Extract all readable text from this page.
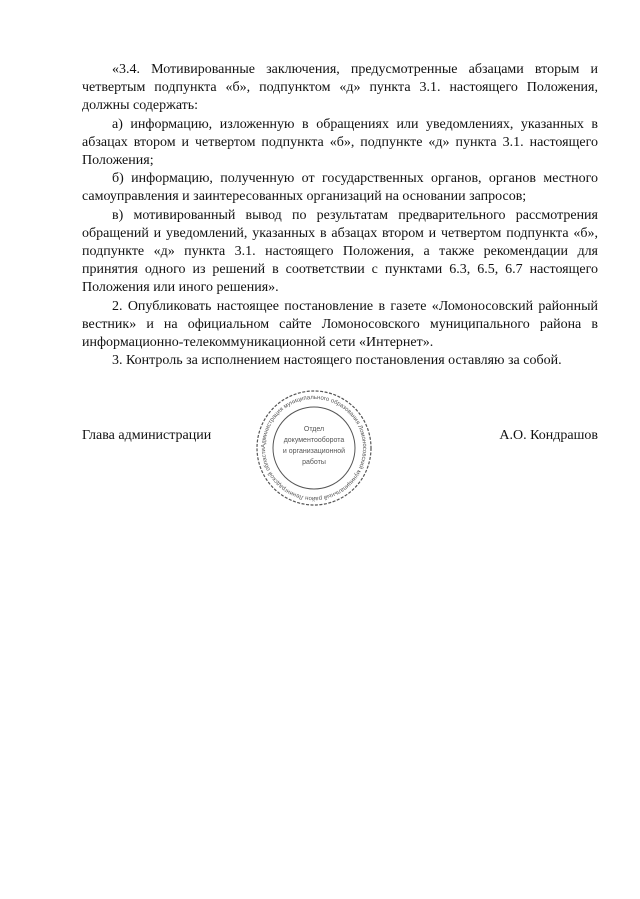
«3.4. Мотивированные заключения, предусмотренные абзацами вторым и четвертым подпункта «б», подпунктом «д» пункта 3.1. настоящего Положения, должны содержать:

а) информацию, изложенную в обращениях или уведомлениях, указанных в абзацах втором и четвертом подпункта «б», подпункте «д» пункта 3.1. настоящего Положения;

б) информацию, полученную от государственных органов, органов местного самоуправления и заинтересованных организаций на основании запросов;

в) мотивированный вывод по результатам предварительного рассмотрения обращений и уведомлений, указанных в абзацах втором и четвертом подпункта «б», подпункте «д» пункта 3.1. настоящего Положения, а также рекомендации для принятия одного из решений в соответствии с пунктами 6.3, 6.5, 6.7 настоящего Положения или иного решения».

2. Опубликовать настоящее постановление в газете «Ломоносовский районный вестник» и на официальном сайте Ломоносовского муниципального района в информационно-телекоммуникационной сети «Интернет».

3. Контроль за исполнением настоящего постановления оставляю за собой.

Глава администрации
Администрация муниципального образования Ломоносовский муниципальный район Ленинградской области
Отдел
документооборота
и организационной
работы
А.О. Кондрашов
